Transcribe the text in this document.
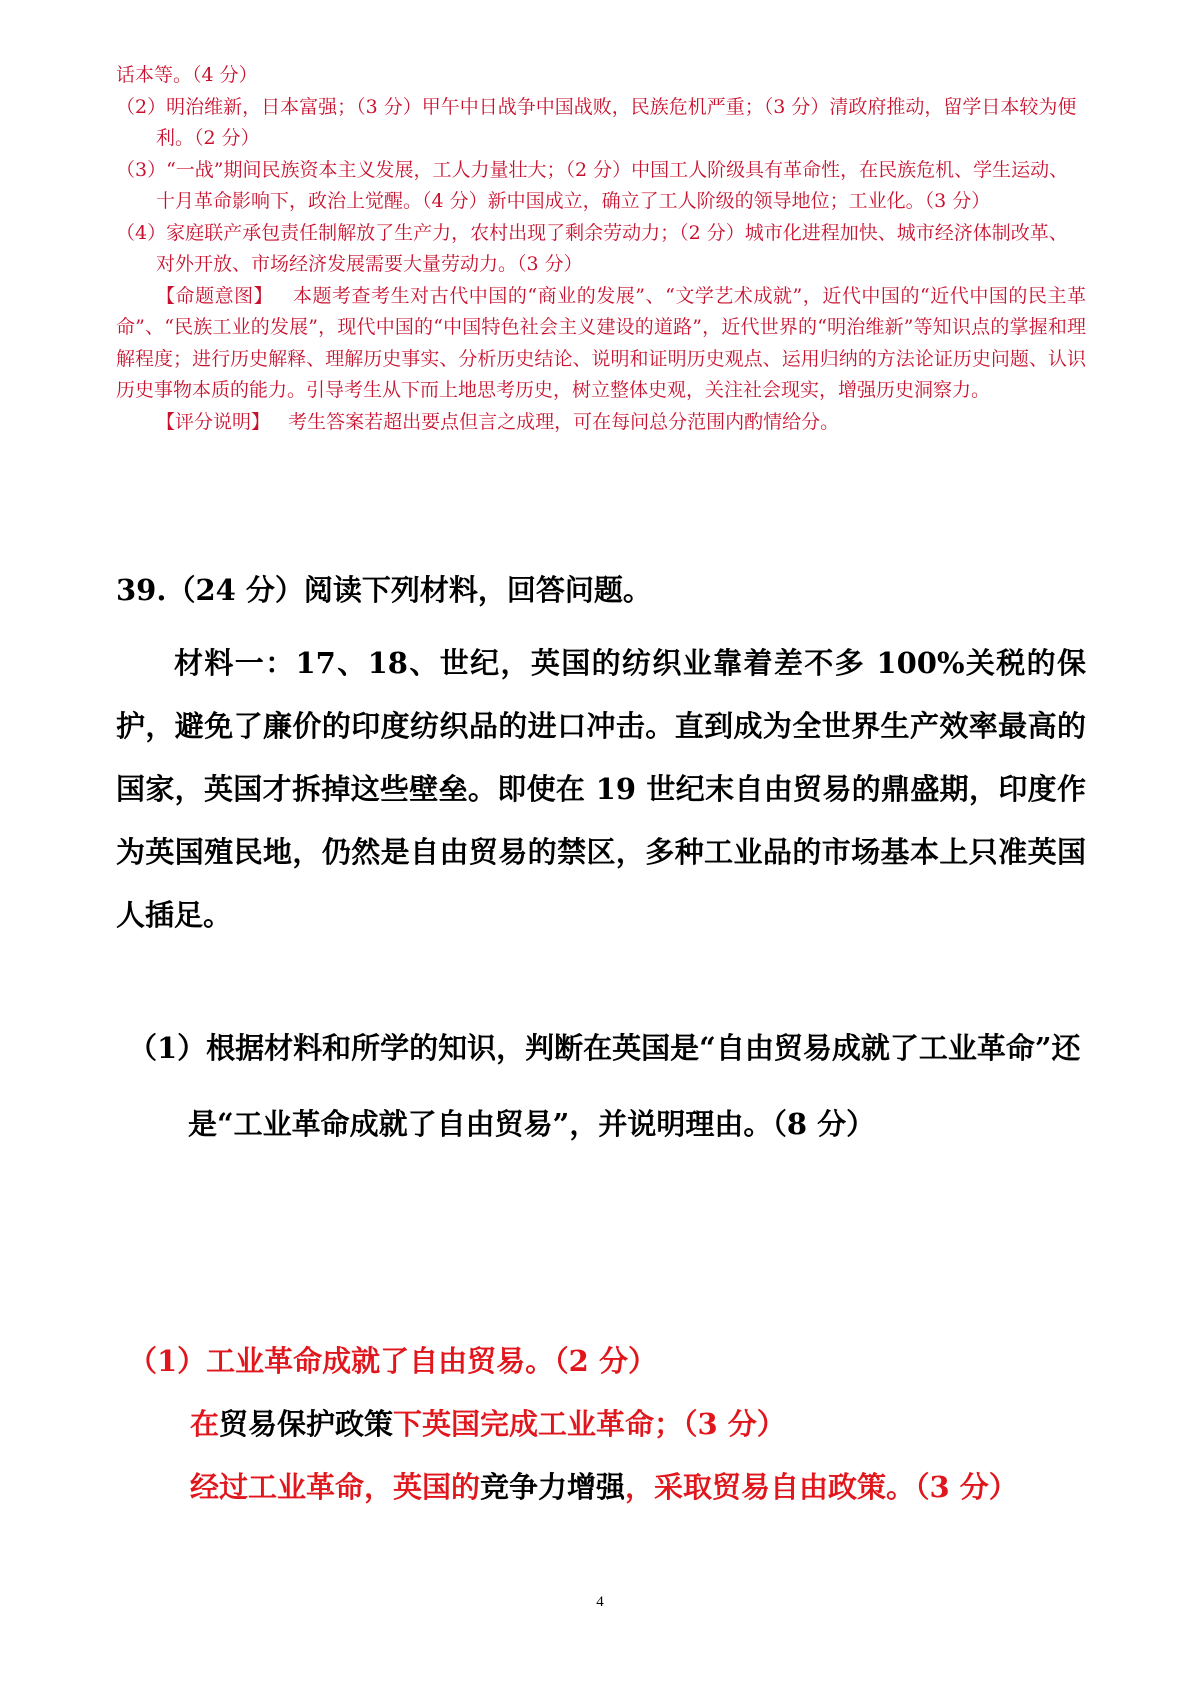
话本等。（4 分）

（2）明治维新，日本富强；（3 分）甲午中日战争中国战败，民族危机严重；（3 分）清政府推动，留学日本较为便利。（2 分）

（3）“一战”期间民族资本主义发展，工人力量壮大；（2 分）中国工人阶级具有革命性，在民族危机、学生运动、十月革命影响下，政治上觉醒。（4 分）新中国成立，确立了工人阶级的领导地位；工业化。（3 分）

（4）家庭联产承包责任制解放了生产力，农村出现了剩余劳动力；（2 分）城市化进程加快、城市经济体制改革、对外开放、市场经济发展需要大量劳动力。（3 分）

【命题意图】 本题考查考生对古代中国的“商业的发展”、“文学艺术成就”，近代中国的“近代中国的民主革命”、“民族工业的发展”，现代中国的“中国特色社会主义建设的道路”，近代世界的“明治维新”等知识点的掌握和理解程度；进行历史解释、理解历史事实、分析历史结论、说明和证明历史观点、运用归纳的方法论证历史问题、认识历史事物本质的能力。引导考生从下而上地思考历史，树立整体史观，关注社会现实，增强历史洞察力。

【评分说明】 考生答案若超出要点但言之成理，可在每问总分范围内酌情给分。

39.（24 分）阅读下列材料，回答问题。

材料一：17、18、世纪，英国的纺织业靠着差不多 100%关税的保护，避免了廉价的印度纺织品的进口冲击。直到成为全世界生产效率最高的国家，英国才拆掉这些壁垒。即使在 19 世纪末自由贸易的鼎盛期，印度作为英国殖民地，仍然是自由贸易的禁区，多种工业品的市场基本上只准英国人插足。

（1）根据材料和所学的知识，判断在英国是“自由贸易成就了工业革命”还是“工业革命成就了自由贸易”，并说明理由。（8 分）

（1）工业革命成就了自由贸易。（2 分）

在贸易保护政策下英国完成工业革命；（3 分）

经过工业革命，英国的竞争力增强，采取贸易自由政策。（3 分）

4
